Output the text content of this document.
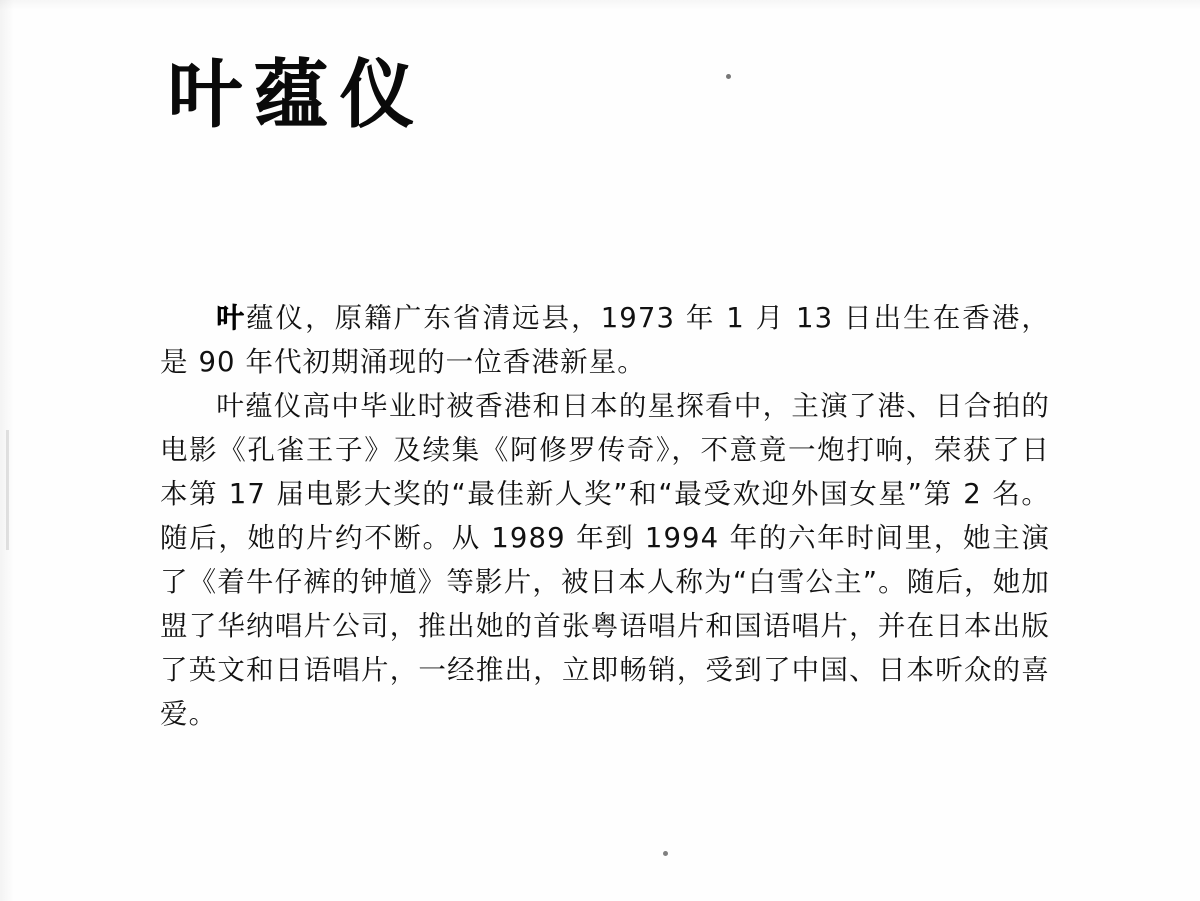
叶蕴仪

叶蕴仪，原籍广东省清远县，1973 年 1 月 13 日出生在香港，是 90 年代初期涌现的一位香港新星。

叶蕴仪高中毕业时被香港和日本的星探看中，主演了港、日合拍的电影《孔雀王子》及续集《阿修罗传奇》，不意竟一炮打响，荣获了日本第 17 届电影大奖的“最佳新人奖”和“最受欢迎外国女星”第 2 名。随后，她的片约不断。从 1989 年到 1994 年的六年时间里，她主演了《着牛仔裤的钟馗》等影片，被日本人称为“白雪公主”。随后，她加盟了华纳唱片公司，推出她的首张粤语唱片和国语唱片，并在日本出版了英文和日语唱片，一经推出，立即畅销，受到了中国、日本听众的喜爱。
